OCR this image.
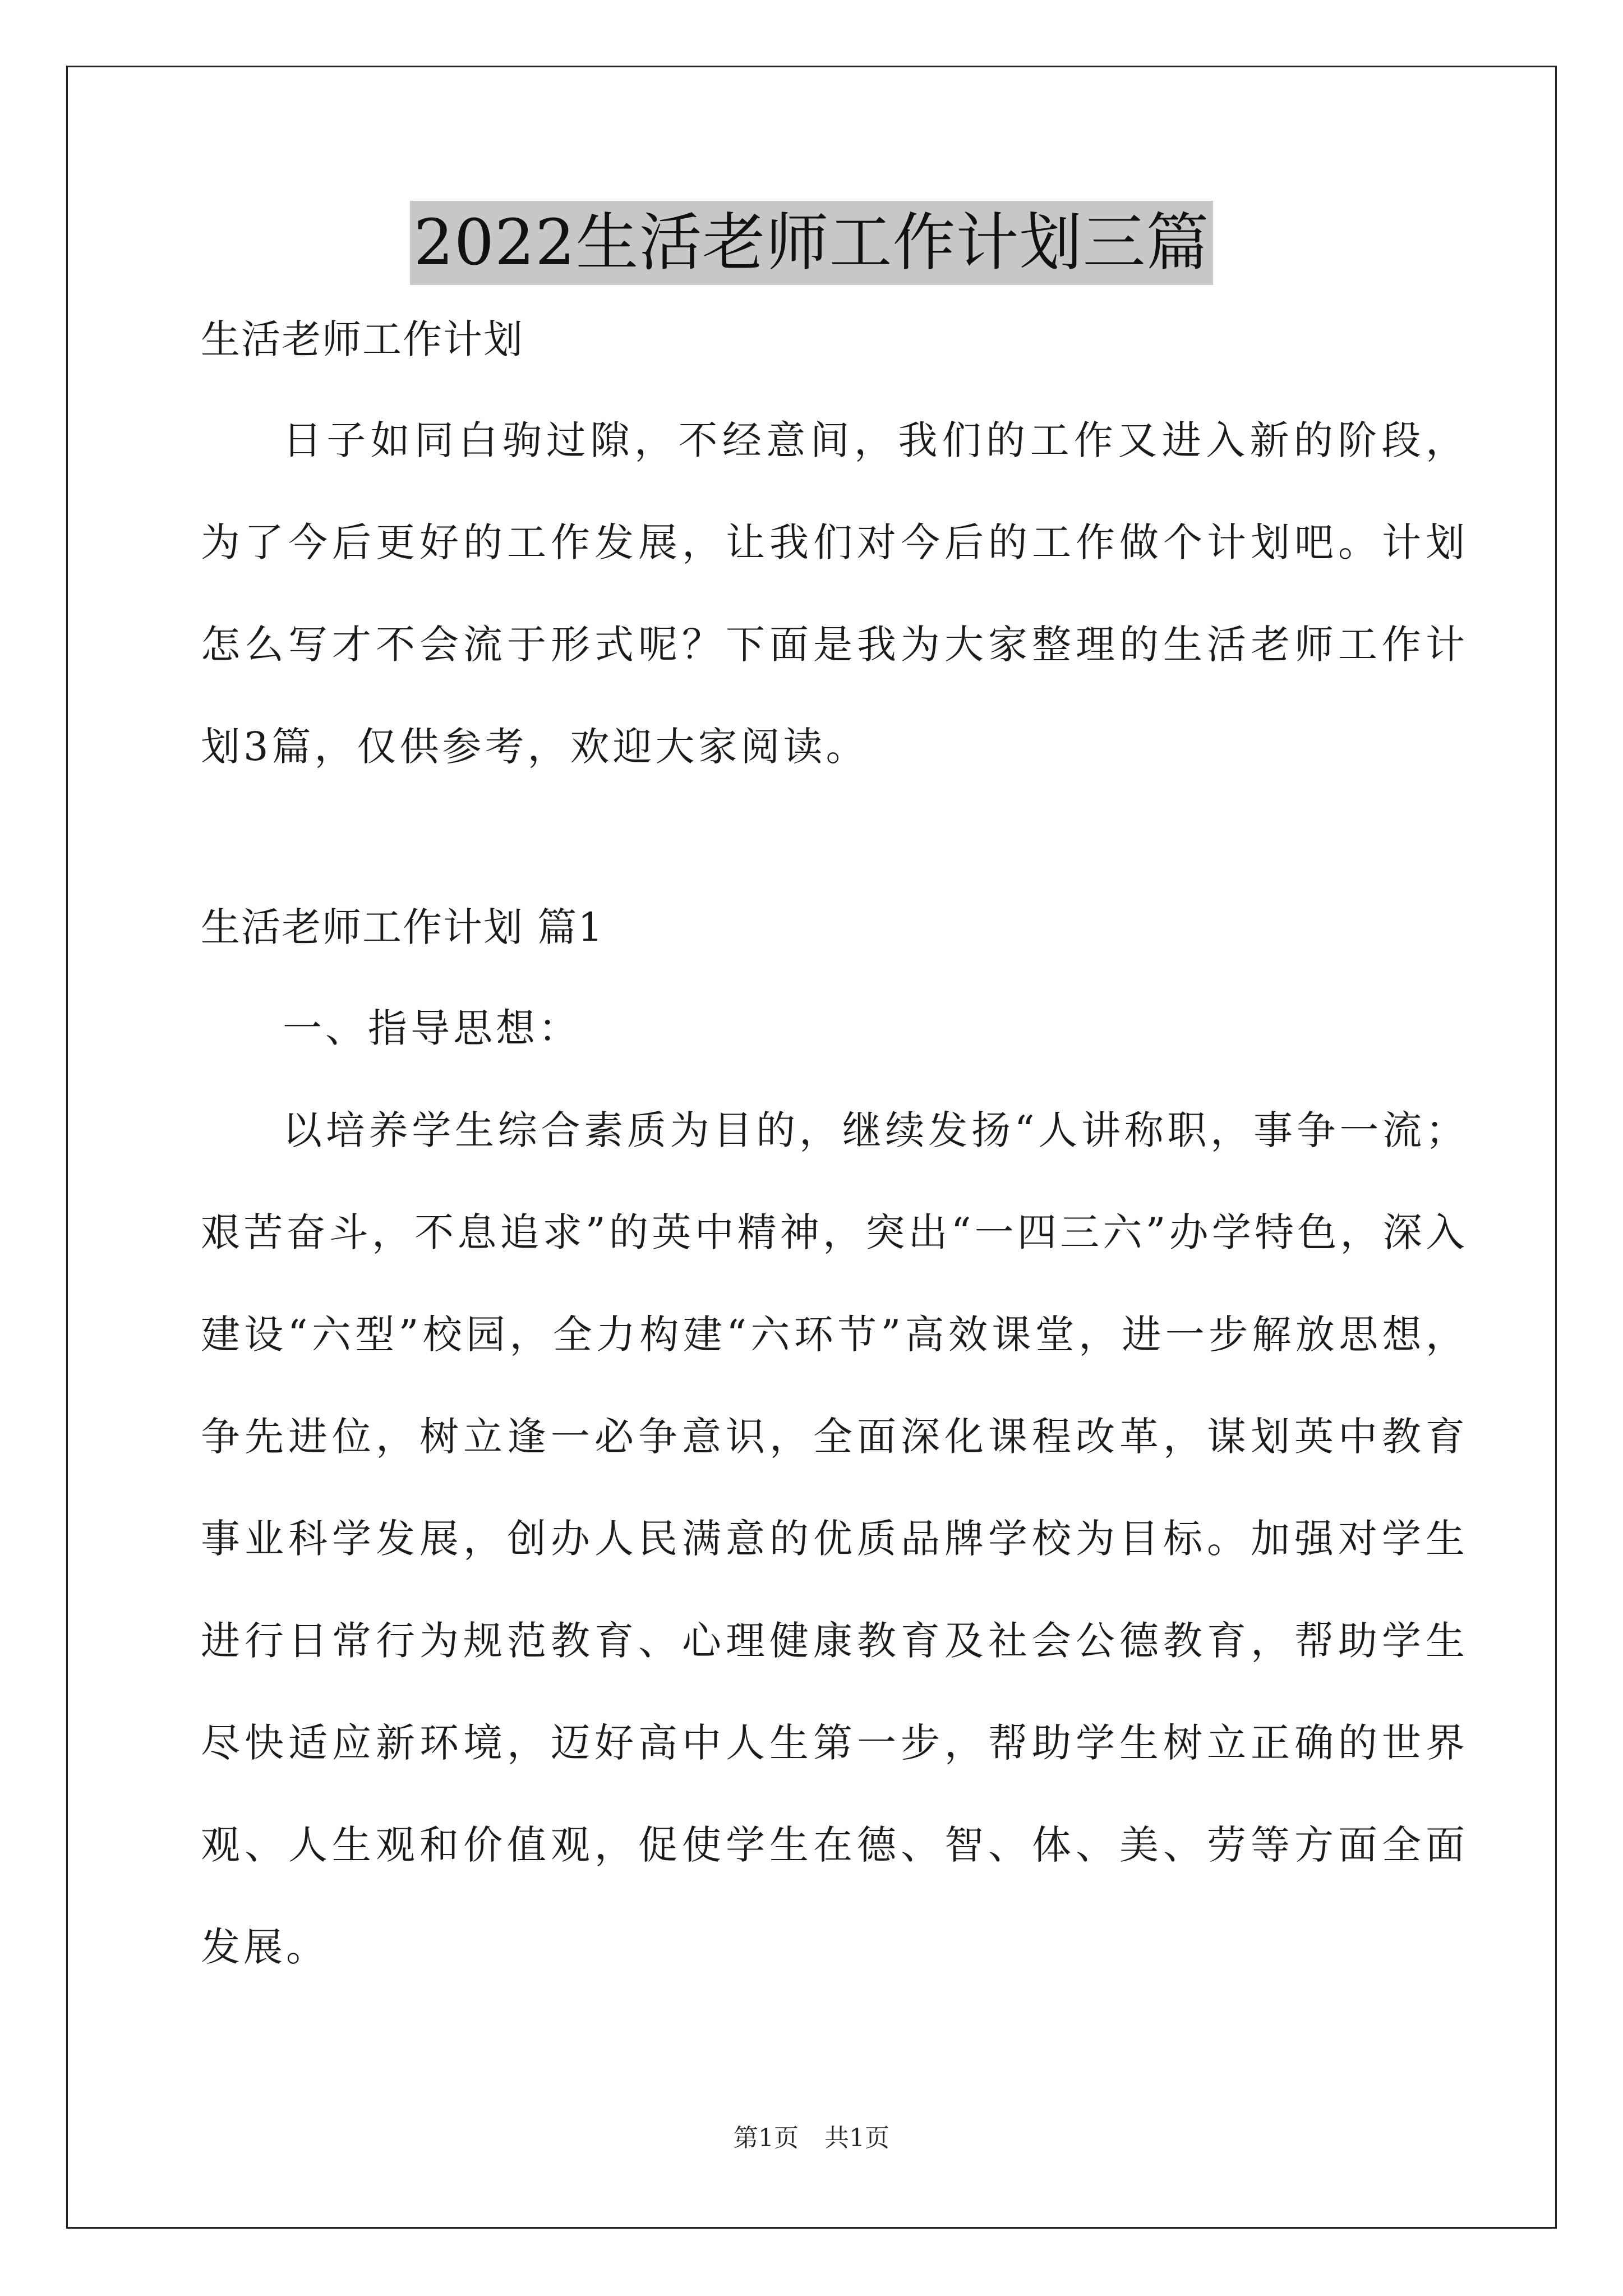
2022生活老师工作计划三篇

生活老师工作计划

日子如同白驹过隙，不经意间，我们的工作又进入新的阶段，为了今后更好的工作发展，让我们对今后的工作做个计划吧。计划怎么写才不会流于形式呢？下面是我为大家整理的生活老师工作计划3篇，仅供参考，欢迎大家阅读。

生活老师工作计划 篇1

一、指导思想：

以培养学生综合素质为目的，继续发扬“人讲称职，事争一流；艰苦奋斗，不息追求”的英中精神，突出“一四三六”办学特色，深入建设“六型”校园，全力构建“六环节”高效课堂，进一步解放思想，争先进位，树立逢一必争意识，全面深化课程改革，谋划英中教育事业科学发展，创办人民满意的优质品牌学校为目标。加强对学生进行日常行为规范教育、心理健康教育及社会公德教育，帮助学生尽快适应新环境，迈好高中人生第一步，帮助学生树立正确的世界观、人生观和价值观，促使学生在德、智、体、美、劳等方面全面发展。

第1页 共1页
